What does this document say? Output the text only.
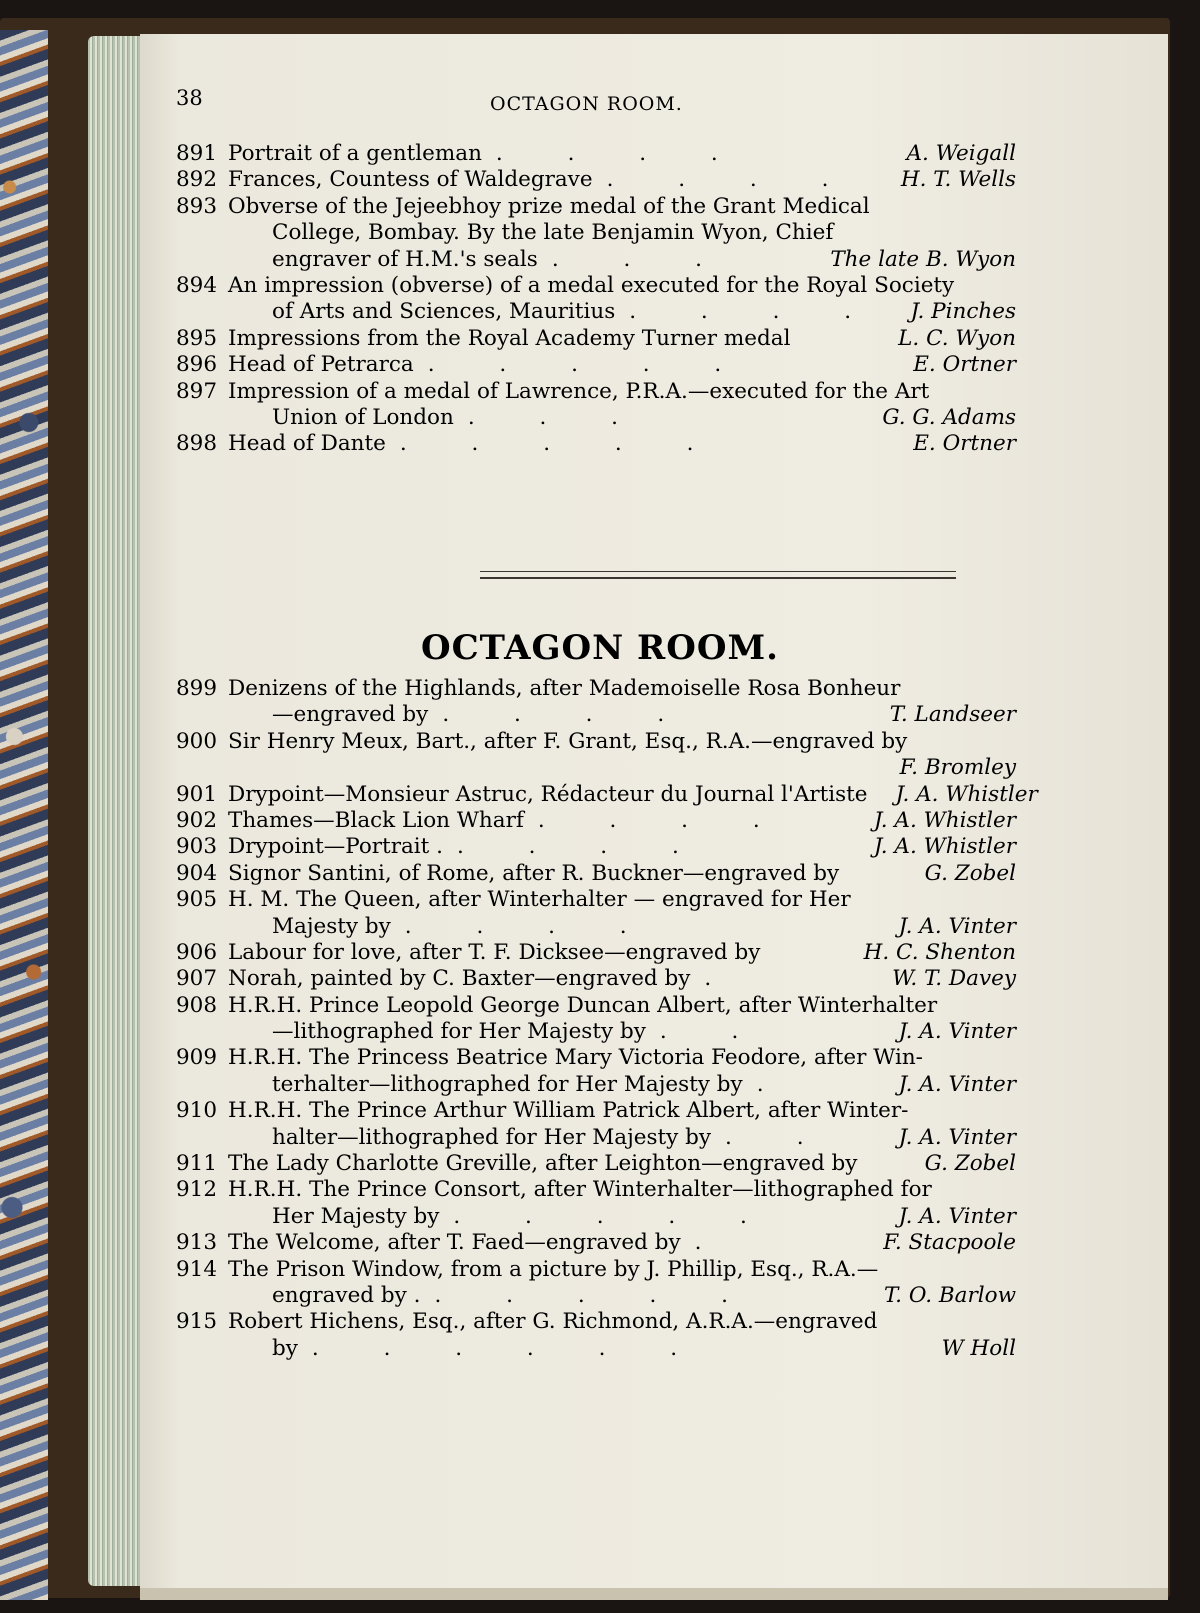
38	OCTAGON ROOM.
891 Portrait of a gentleman . . . .	A. Weigall
892 Frances, Countess of Waldegrave . . . .	H. T. Wells
893 Obverse of the Jejeebhoy prize medal of the Grant Medical
College, Bombay. By the late Benjamin Wyon, Chief
engraver of H.M.'s seals . . .	The late B. Wyon
894 An impression (obverse) of a medal executed for the Royal Society
of Arts and Sciences, Mauritius . . . .	J. Pinches
895 Impressions from the Royal Academy Turner medal	L. C. Wyon
896 Head of Petrarca . . . . .	E. Ortner
897 Impression of a medal of Lawrence, P.R.A.—executed for the Art
Union of London . . .	G. G. Adams
898 Head of Dante . . . . .	E. Ortner
OCTAGON ROOM.
899 Denizens of the Highlands, after Mademoiselle Rosa Bonheur
—engraved by . . . .	T. Landseer
900 Sir Henry Meux, Bart., after F. Grant, Esq., R.A.—engraved by
F. Bromley
901 Drypoint—Monsieur Astruc, Rédacteur du Journal l'Artiste J. A. Whistler
902 Thames—Black Lion Wharf . . . .	J. A. Whistler
903 Drypoint—Portrait . . . . .	J. A. Whistler
904 Signor Santini, of Rome, after R. Buckner—engraved by	G. Zobel
905 H. M. The Queen, after Winterhalter — engraved for Her
Majesty by . . . .	J. A. Vinter
906 Labour for love, after T. F. Dicksee—engraved by	H. C. Shenton
907 Norah, painted by C. Baxter—engraved by .	W. T. Davey
908 H.R.H. Prince Leopold George Duncan Albert, after Winterhalter
—lithographed for Her Majesty by . .	J. A. Vinter
909 H.R.H. The Princess Beatrice Mary Victoria Feodore, after Win-
terhalter—lithographed for Her Majesty by .	J. A. Vinter
910 H.R.H. The Prince Arthur William Patrick Albert, after Winter-
halter—lithographed for Her Majesty by . .	J. A. Vinter
911 The Lady Charlotte Greville, after Leighton—engraved by	G. Zobel
912 H.R.H. The Prince Consort, after Winterhalter—lithographed for
Her Majesty by . . . . .	J. A. Vinter
913 The Welcome, after T. Faed—engraved by .	F. Stacpoole
914 The Prison Window, from a picture by J. Phillip, Esq., R.A.—
engraved by . . . . . .	T. O. Barlow
915 Robert Hichens, Esq., after G. Richmond, A.R.A.—engraved
by . . . . . .	W Holl
